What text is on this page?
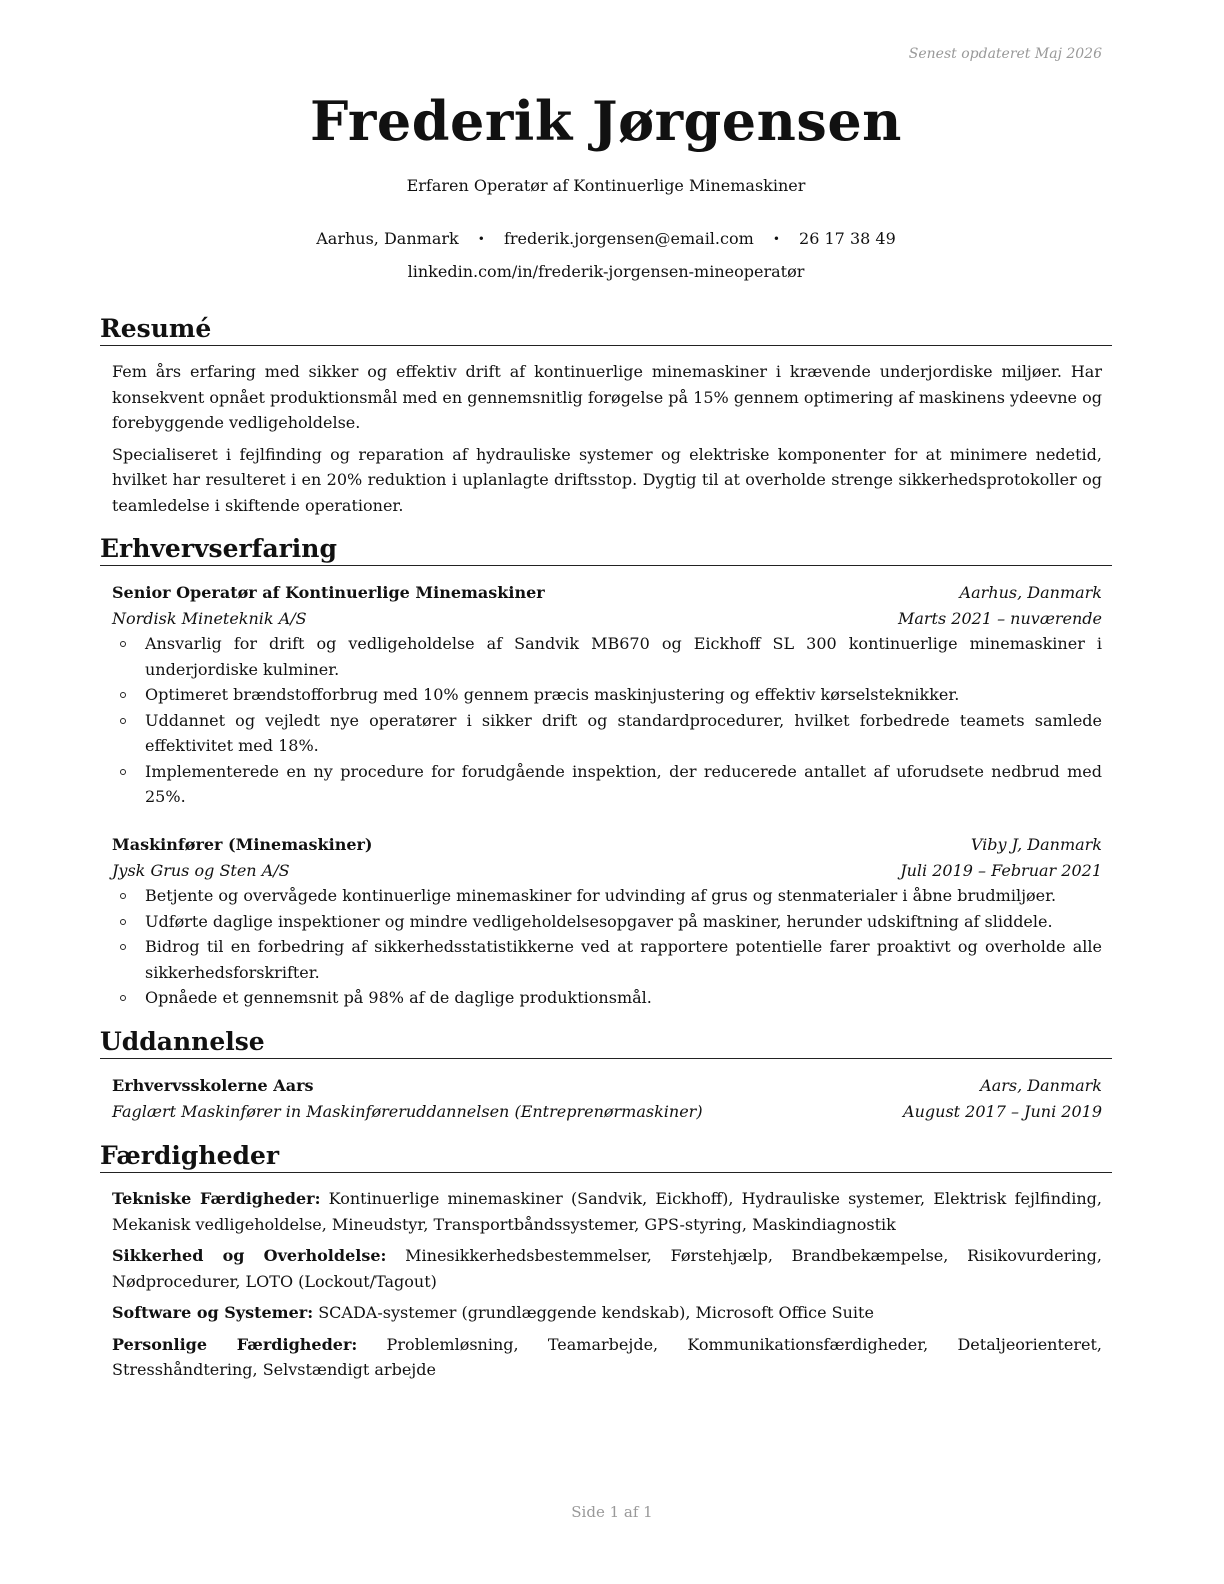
Senest opdateret Maj 2026
Frederik Jørgensen
Erfaren Operatør af Kontinuerlige Minemaskiner
Aarhus, Danmark • frederik.jorgensen@email.com • 26 17 38 49
linkedin.com/in/frederik-jorgensen-mineoperatør
Resumé

Fem års erfaring med sikker og effektiv drift af kontinuerlige minemaskiner i krævende underjordiske miljøer. Har konsekvent opnået produktionsmål med en gennemsnitlig forøgelse på 15% gennem optimering af maskinens ydeevne og forebyggende vedligeholdelse.

Specialiseret i fejlfinding og reparation af hydrauliske systemer og elektriske komponenter for at minimere nedetid, hvilket har resulteret i en 20% reduktion i uplanlagte driftsstop. Dygtig til at overholde strenge sikkerhedsprotokoller og teamledelse i skiftende operationer.

Erhvervserfaring
Senior Operatør af Kontinuerlige Minemaskiner	Aarhus, Danmark
Nordisk Mineteknik A/S	Marts 2021 – nuværende
Ansvarlig for drift og vedligeholdelse af Sandvik MB670 og Eickhoff SL 300 kontinuerlige minemaskiner i underjordiske kulminer.
Optimeret brændstofforbrug med 10% gennem præcis maskinjustering og effektiv kørselsteknikker.
Uddannet og vejledt nye operatører i sikker drift og standardprocedurer, hvilket forbedrede teamets samlede effektivitet med 18%.
Implementerede en ny procedure for forudgående inspektion, der reducerede antallet af uforudsete nedbrud med 25%.
Maskinfører (Minemaskiner)	Viby J, Danmark
Jysk Grus og Sten A/S	Juli 2019 – Februar 2021
Betjente og overvågede kontinuerlige minemaskiner for udvinding af grus og stenmaterialer i åbne brudmiljøer.
Udførte daglige inspektioner og mindre vedligeholdelsesopgaver på maskiner, herunder udskiftning af sliddele.
Bidrog til en forbedring af sikkerhedsstatistikkerne ved at rapportere potentielle farer proaktivt og overholde alle sikkerhedsforskrifter.
Opnåede et gennemsnit på 98% af de daglige produktionsmål.
Uddannelse
Erhvervsskolerne Aars	Aars, Danmark
Faglært Maskinfører in Maskinføreruddannelsen (Entreprenørmaskiner)	August 2017 – Juni 2019
Færdigheder

Tekniske Færdigheder: Kontinuerlige minemaskiner (Sandvik, Eickhoff), Hydrauliske systemer, Elektrisk fejlfinding, Mekanisk vedligeholdelse, Mineudstyr, Transportbåndssystemer, GPS-styring, Maskindiagnostik

Sikkerhed og Overholdelse: Minesikkerhedsbestemmelser, Førstehjælp, Brandbekæmpelse, Risikovurdering, Nødprocedurer, LOTO (Lockout/Tagout)

Software og Systemer: SCADA-systemer (grundlæggende kendskab), Microsoft Office Suite

Personlige Færdigheder: Problemløsning, Teamarbejde, Kommunikationsfærdigheder, Detaljeorienteret, Stresshåndtering, Selvstændigt arbejde

Side 1 af 1
